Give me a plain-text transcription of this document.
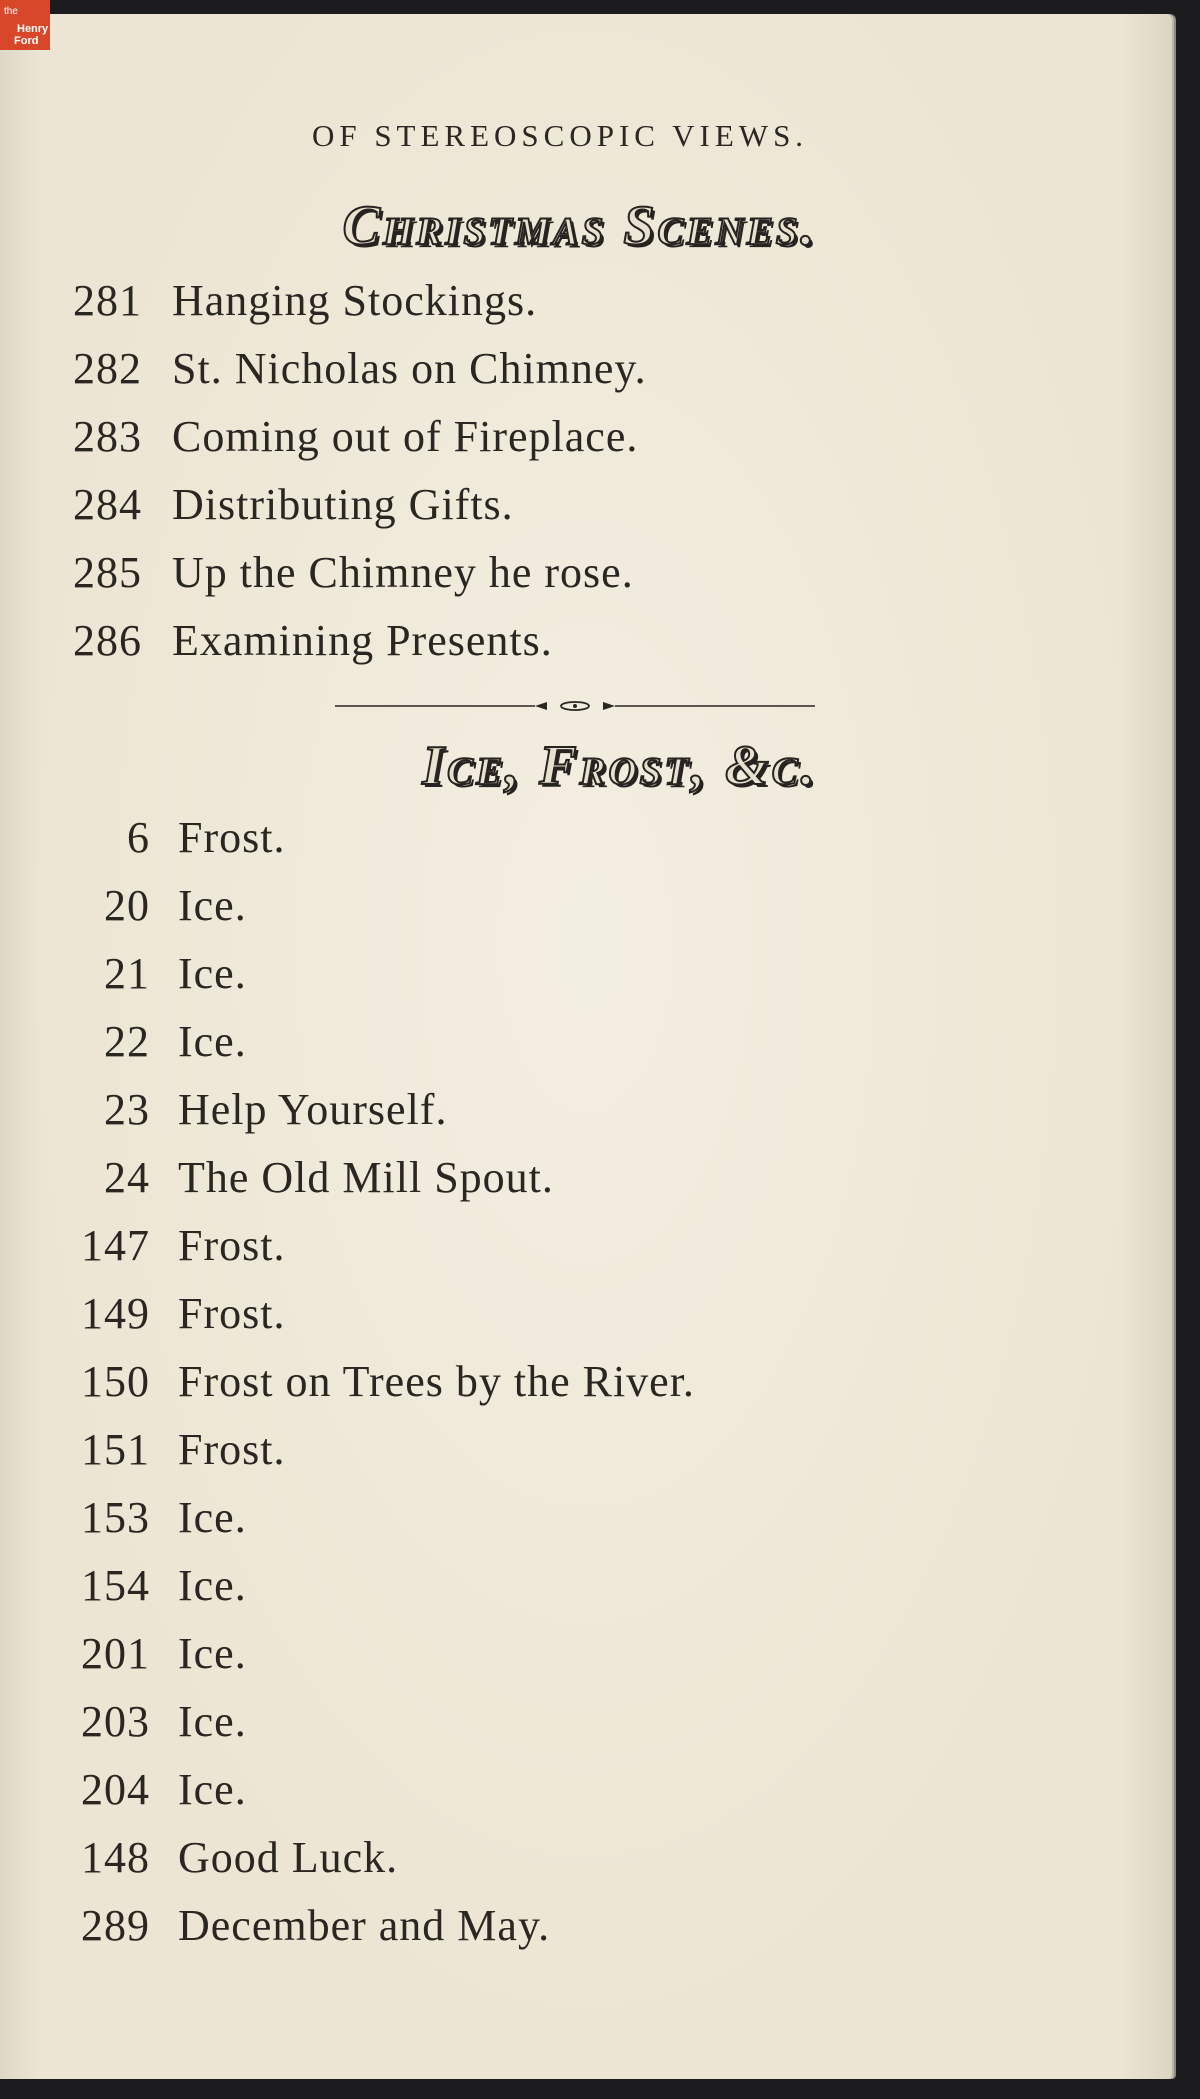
the
Henry
Ford
OF STEREOSCOPIC VIEWS.
Christmas Scenes.
281 Hanging Stockings.
282 St. Nicholas on Chimney.
283 Coming out of Fireplace.
284 Distributing Gifts.
285 Up the Chimney he rose.
286 Examining Presents.
Ice, Frost, &c.
6 Frost.
20 Ice.
21 Ice.
22 Ice.
23 Help Yourself.
24 The Old Mill Spout.
147 Frost.
149 Frost.
150 Frost on Trees by the River.
151 Frost.
153 Ice.
154 Ice.
201 Ice.
203 Ice.
204 Ice.
148 Good Luck.
289 December and May.
